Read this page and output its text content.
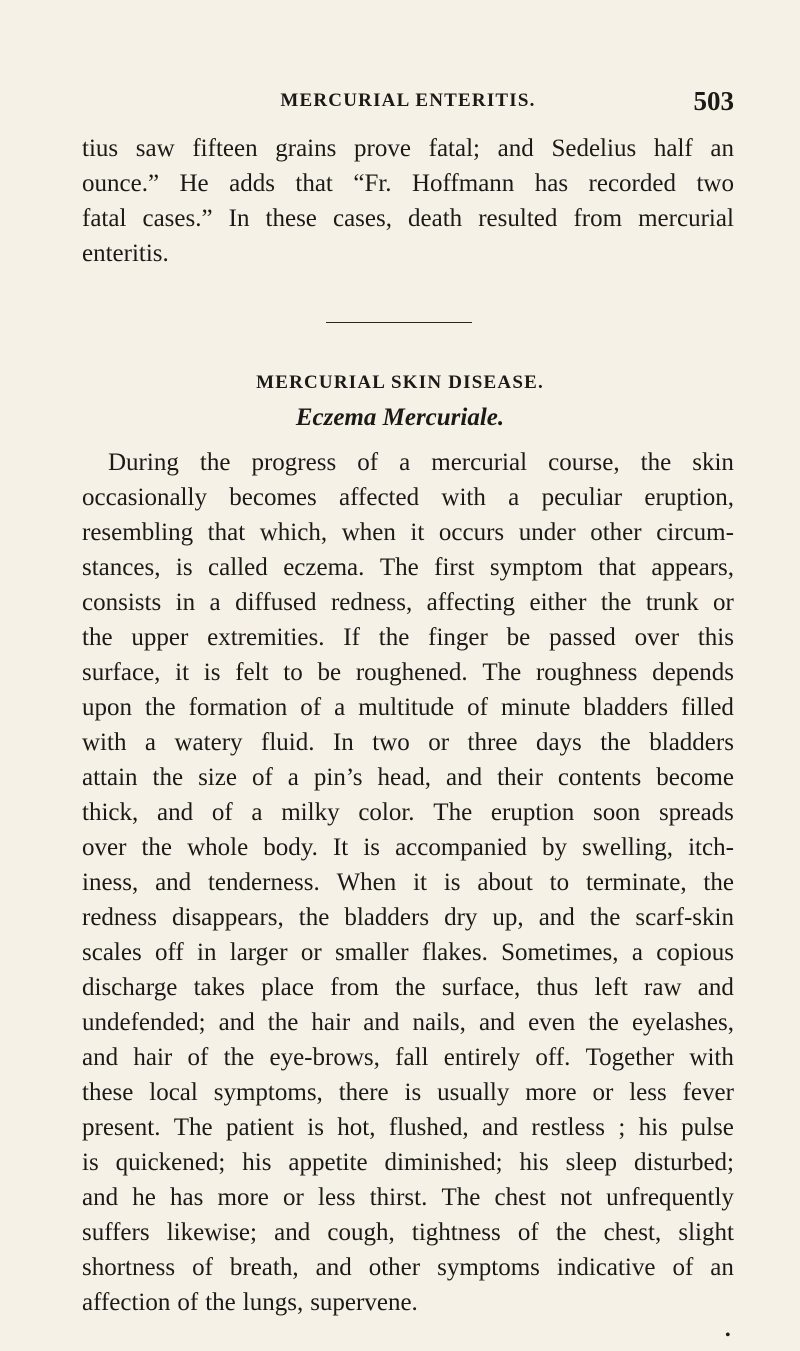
MERCURIAL ENTERITIS.	503
tius saw fifteen grains prove fatal; and Sedelius half an
ounce.” He adds that “Fr. Hoffmann has recorded two
fatal cases.” In these cases, death resulted from mercurial
enteritis.
MERCURIAL SKIN DISEASE.
Eczema Mercuriale.
During the progress of a mercurial course, the skin
occasionally becomes affected with a peculiar eruption,
resembling that which, when it occurs under other circum-
stances, is called eczema. The first symptom that appears,
consists in a diffused redness, affecting either the trunk or
the upper extremities. If the finger be passed over this
surface, it is felt to be roughened. The roughness depends
upon the formation of a multitude of minute bladders filled
with a watery fluid. In two or three days the bladders
attain the size of a pin’s head, and their contents become
thick, and of a milky color. The eruption soon spreads
over the whole body. It is accompanied by swelling, itch-
iness, and tenderness. When it is about to terminate, the
redness disappears, the bladders dry up, and the scarf-skin
scales off in larger or smaller flakes. Sometimes, a copious
discharge takes place from the surface, thus left raw and
undefended; and the hair and nails, and even the eyelashes,
and hair of the eye-brows, fall entirely off. Together with
these local symptoms, there is usually more or less fever
present. The patient is hot, flushed, and restless ; his pulse
is quickened; his appetite diminished; his sleep disturbed;
and he has more or less thirst. The chest not unfrequently
suffers likewise; and cough, tightness of the chest, slight
shortness of breath, and other symptoms indicative of an
affection of the lungs, supervene.
•
